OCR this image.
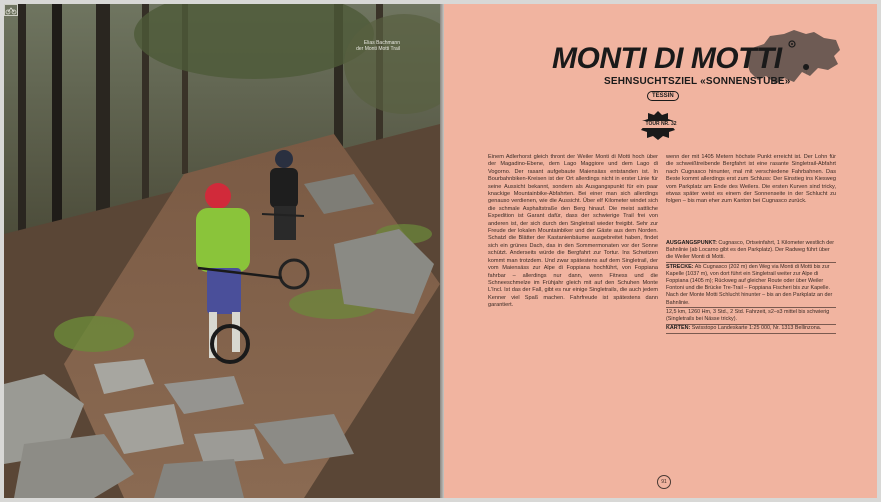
Elias Bachmann
der Monti Motti Trail	MONTI DI MOTTI
SEHNSUCHTSZIEL «SONNENSTUBE»
TESSIN
TOUR NR. 32

Einem Adlerhorst gleich thront der Weiler Monti di Motti hoch über der Magadino-Ebene, dem Lago Maggiore und dem Lago di Vogorno. Der rasant aufgebaute Maiensäss entstanden ist. In Bourbahnbiken-Kreisen ist der Ort allerdings nicht in erster Linie für seine Aussicht bekannt, sondern als Ausgangspunkt für ein paar knackige Mountainbike-Abfahrten. Bei einer man sich allerdings genauso verdienen, wie die Aussicht. Über elf Kilometer windet sich die schmale Asphaltstraße den Berg hinauf. Die meist sattliche Expedition ist Garant dafür, dass der schwierige Trail frei von anderen ist, der sich durch den Singletrail wieder freigibt. Sehr zur Freude der lokalen Mountainbiker und der Gäste aus dem Norden. Schatzl die Blätter der Kastanienbäume ausgebreitet haben, findet sich ein grünes Dach, das in den Sommermonaten vor der Sonne schützt. Anderseits würde die Bergfahrt zur Tortur. Ins Schwitzen kommt man trotzdem. Und zwar spätestens auf dem Singletrail, der vom Maiensäss zur Alpe di Foppiana hochführt, von Foppiana fahrbar – allerdings nur dann, wenn Fitness und die Schneeschmelze im Frühjahr gleich mit auf den Schuhen Monte L'Incl. Ist das der Fall, gibt es nur einige Singletrails, die auch jedem Kenner viel Spaß machen. Fahrfreude ist spätestens dann garantiert.

wenn der mit 1405 Metern höchste Punkt erreicht ist. Der Lohn für die schweißtreibende Bergfahrt ist eine rasante Singletrail-Abfahrt nach Cugnasco hinunter, mal mit verschiedene Fahrbahnen. Das Beste kommt allerdings erst zum Schluss: Der Einstieg ins Kiesweg vom Parkplatz am Ende des Weilers. Die ersten Kurven sind tricky, etwas später weist es einem der Sonnenseite in der Schlucht zu folgen – bis man eher zum Kanton bei Cugnasco zurück.

AUSGANGSPUNKT: Cugnasco, Ortseinfahrt, 1 Kilometer westlich der Bahnlinie (ab Locarno gibt es den Parkplatz). Der Radweg führt über die Weiler Monti di Motti.
STRECKE: Ab Cugnasco (202 m) den Weg via Monti di Motti bis zur Kapelle (1037 m), von dort führt ein Singletrail weiter zur Alpe di Foppiana (1405 m); Rückweg auf gleicher Route oder über Weiler Fontoni und die Brücke Tre-Trail – Foppiana Fischeri bis zur Kapelle. Nach der Monte Motti Schlucht hinunter – bis an den Parkplatz an der Bahnlinie.
12,5 km, 1260 Hm, 3 Std., 2 Std. Fahrzeit, s2–s3 mittel bis schwierig (Singletrails bei Nässe tricky).
KARTEN: Swisstopo Landeskarte 1:25 000, Nr. 1313 Bellinzona.
91
